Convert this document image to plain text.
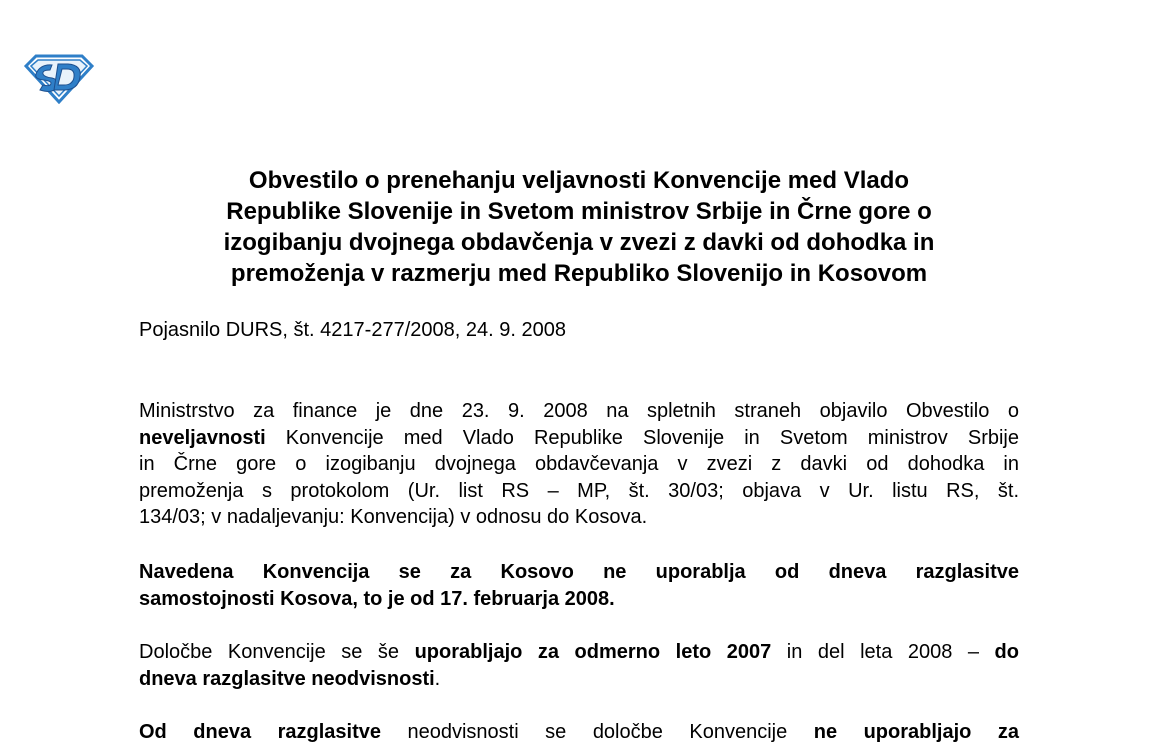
Obvestilo o prenehanju veljavnosti Konvencije med Vlado
Republike Slovenije in Svetom ministrov Srbije in Črne gore o
izogibanju dvojnega obdavčenja v zvezi z davki od dohodka in
premoženja v razmerju med Republiko Slovenijo in Kosovom
Pojasnilo DURS, št. 4217-277/2008, 24. 9. 2008
Ministrstvo za finance je dne 23. 9. 2008 na spletnih straneh objavilo Obvestilo o
neveljavnosti Konvencije med Vlado Republike Slovenije in Svetom ministrov Srbije
in Črne gore o izogibanju dvojnega obdavčevanja v zvezi z davki od dohodka in
premoženja s protokolom (Ur. list RS – MP, št. 30/03; objava v Ur. listu RS, št.
134/03; v nadaljevanju: Konvencija) v odnosu do Kosova.
Navedena Konvencija se za Kosovo ne uporablja od dneva razglasitve
samostojnosti Kosova, to je od 17. februarja 2008.
Določbe Konvencije se še uporabljajo za odmerno leto 2007 in del leta 2008 – do
dneva razglasitve neodvisnosti.
Od dneva razglasitve neodvisnosti se določbe Konvencije ne uporabljajo za
